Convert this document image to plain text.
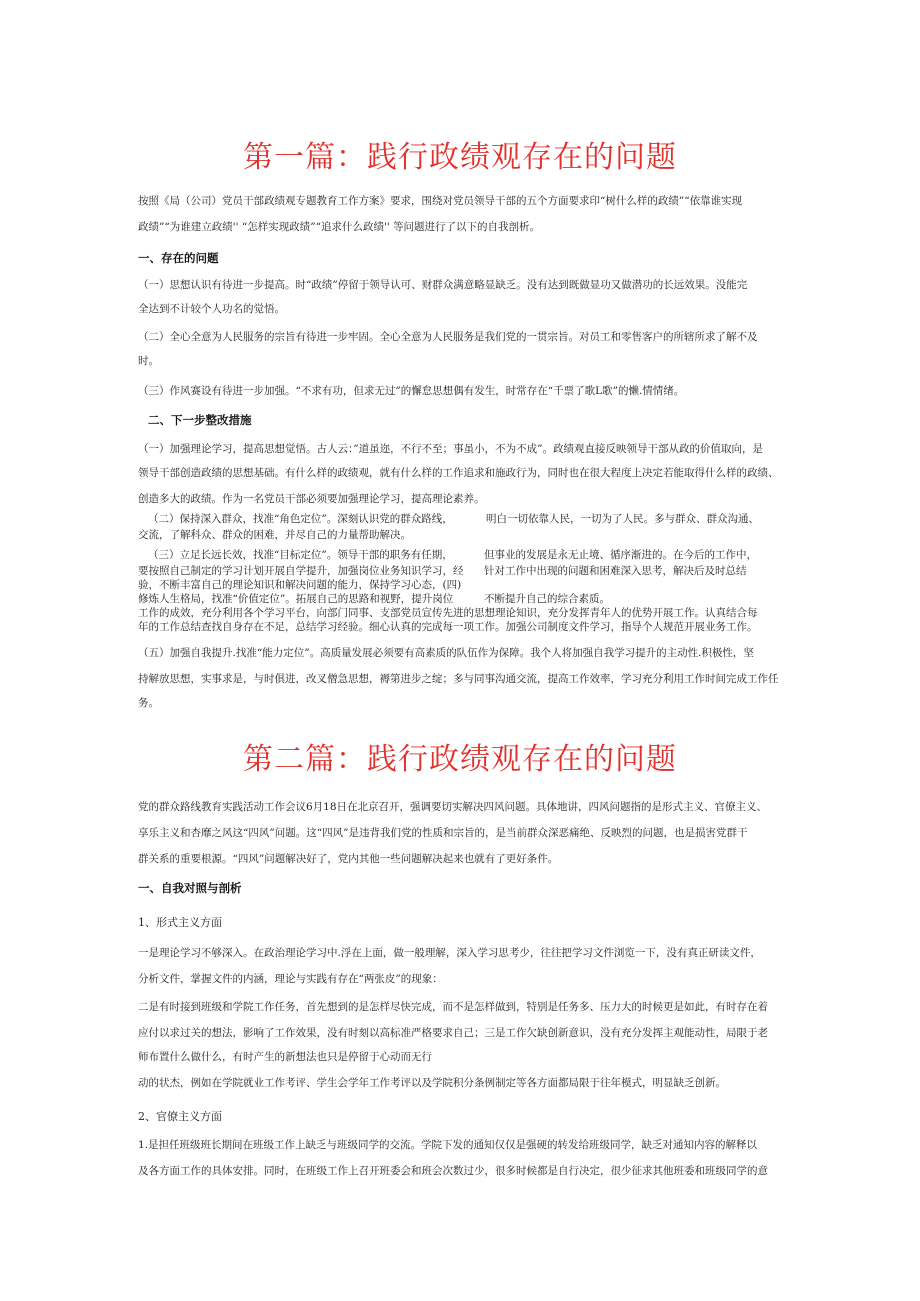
第一篇：践行政绩观存在的问题

按照《局（公司）党员干部政绩观专题教育工作方案》要求，围绕对党员领导干部的五个方面要求印“树什么样的政绩”“依靠谁实现

政绩”“为谁建立政绩'' “怎样实现政绩”“追求什么政绩'' 等问题进行了以下的自我剖析。

一、存在的问题

（一）思想认识有待进一步提高。时“政绩”停留于领导认可、财群众满意略显缺乏。没有达到既做显功又做潜功的长远效果。没能完

全达到不计较个人功名的觉悟。

（二）全心全意为人民服务的宗旨有待进一步牢固。全心全意为人民服务是我们党的一贯宗旨。对员工和零售客户的所辖所求了解不及

时。

（三）作风赛设有待进一步加强。“不求有功，但求无过”的懈怠思想偶有发生，时常存在“千票了歌L歌”的懒.情情绪。

二、下一步整改措施

（一）加强理论学习，提高思想觉悟。古人云：”道虽迩，不行不至；事虽小，不为不成”。政绩观直接反映领导干部从政的价值取向，是

领导干部创造政绩的思想基础。有什么样的政绩观，就有什么样的工作追求和施政行为，同时也在很大程度上决定若能取得什么样的政绩、

创造多大的政绩。作为一名党员干部必须要加强理论学习，提高理论素养。

（二）保持深入群众，找准“角色定位”。深刻认识党的群众路线，	明白一切依靠人民，一切为了人民。多与群众、群众沟通、

交流，了解科众、群众的困难，并尽自己的力量帮助解决。

（三）立足长远长效，找准“目标定位”。领导干部的职务有任期，	但事业的发展是永无止境、循序渐进的。在今后的工作中，

要按照自己制定的学习计划开展自学提升，加强岗位业务知识学习，经 针对工作中出现的问题和困难深入思考，解决后及时总结

验，不断丰富自己的理论知识和解决问题的能力，保持学习心态，(四)

修炼人生格局，找准“价值定位”。拓展自己的思路和视野，提升岗位	不断提升自己的综合素质。

工作的成效，充分利用各个学习平台，向部门同事、支部党员宣传先进的思想理论知识，充分发挥青年人的优势开展工作。认真结合每

年的工作总结查找自身存在不足，总结学习经验。细心认真的完成每一项工作。加强公司制度文件学习，指导个人规范开展业务工作。

（五）加强自我提升.找准“能力定位”。高质量发展必须要有高素质的队伍作为保障。我个人将加强自我学习提升的主动性.积极性，坚

持解放思想，实事求是，与时俱进，改叉僧急思想，褥第进步之绽；多与同事沟通交流，提高工作效率，学习充分利用工作时间完成工作任

务。

第二篇：践行政绩观存在的问题

党的群众路线教育实践活动工作会议6月18日在北京召开，强调要切实解决四风问题。具体地讲，四风问题指的是形式主义、官僚主义、

享乐主义和杏靡之风这“四风”问题。这“四风”是违背我们党的性质和宗旨的，是当前群众深恶痛绝、反映烈的问题，也是损害党群干

群关系的重要根源。“四风”问题解决好了，党内其他一些问题解决起来也就有了更好条件。

一、自我对照与剖析

1、形式主义方面

一是理论学习不够深入。在政治理论学习中.浮在上面，做一般理解，深入学习思考少，往往把学习文件浏览一下，没有真正研读文件，

分析文件，掌握文件的内涵，理论与实践有存在“两张皮”的现象：

二是有时接到班级和学院工作任务，首先想到的是怎样尽快完成，而不是怎样做到，特别是任务多、压力大的时候更是如此，有时存在着

应付以求过关的想法，影响了工作效果，没有时刻以高标准严格要求自己；三是工作欠缺创新意识，没有充分发挥主观能动性，局限于老

师布置什么做什么，有时产生的新想法也只是停留于心动而无行

动的状杰，例如在学院就业工作考评、学生会学年工作考评以及学院积分条例制定等各方面都局限于往年模式，明显缺乏创新。

2、官僚主义方面

1.是担任班级班长期间在班级工作上缺乏与班级同学的交流。学院下发的通知仅仅是强硬的转发给班级同学，缺乏对通知内容的解释以

及各方面工作的具体安排。同时，在班级工作上召开班委会和班会次数过少，很多时候都是自行决定，很少征求其他班委和班级同学的意
